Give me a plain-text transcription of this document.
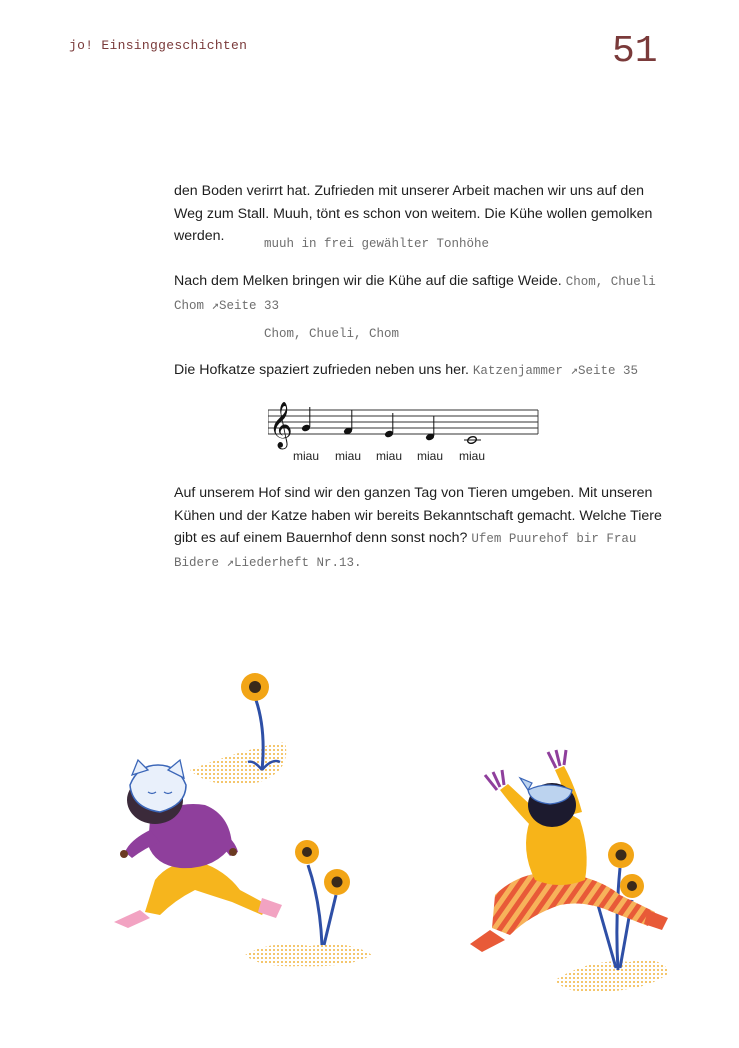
jo! Einsinggeschichten	51
den Boden verirrt hat. Zufrieden mit unserer Arbeit machen wir uns auf den Weg zum Stall. Muuh, tönt es schon von weitem. Die Kühe wollen gemolken werden.	muuh in frei gewählter Tonhöhe
Nach dem Melken bringen wir die Kühe auf die saftige Weide. Chom, Chueli Chom ↗Seite 33
Chom, Chueli, Chom
Die Hofkatze spaziert zufrieden neben uns her. Katzenjammer ↗Seite 35
𝄞
miau miau miau miau miau
Auf unserem Hof sind wir den ganzen Tag von Tieren umgeben. Mit unseren Kühen und der Katze haben wir bereits Bekanntschaft gemacht. Welche Tiere gibt es auf einem Bauernhof denn sonst noch? Ufem Puurehof bir Frau Bidere ↗Liederheft Nr.13.
